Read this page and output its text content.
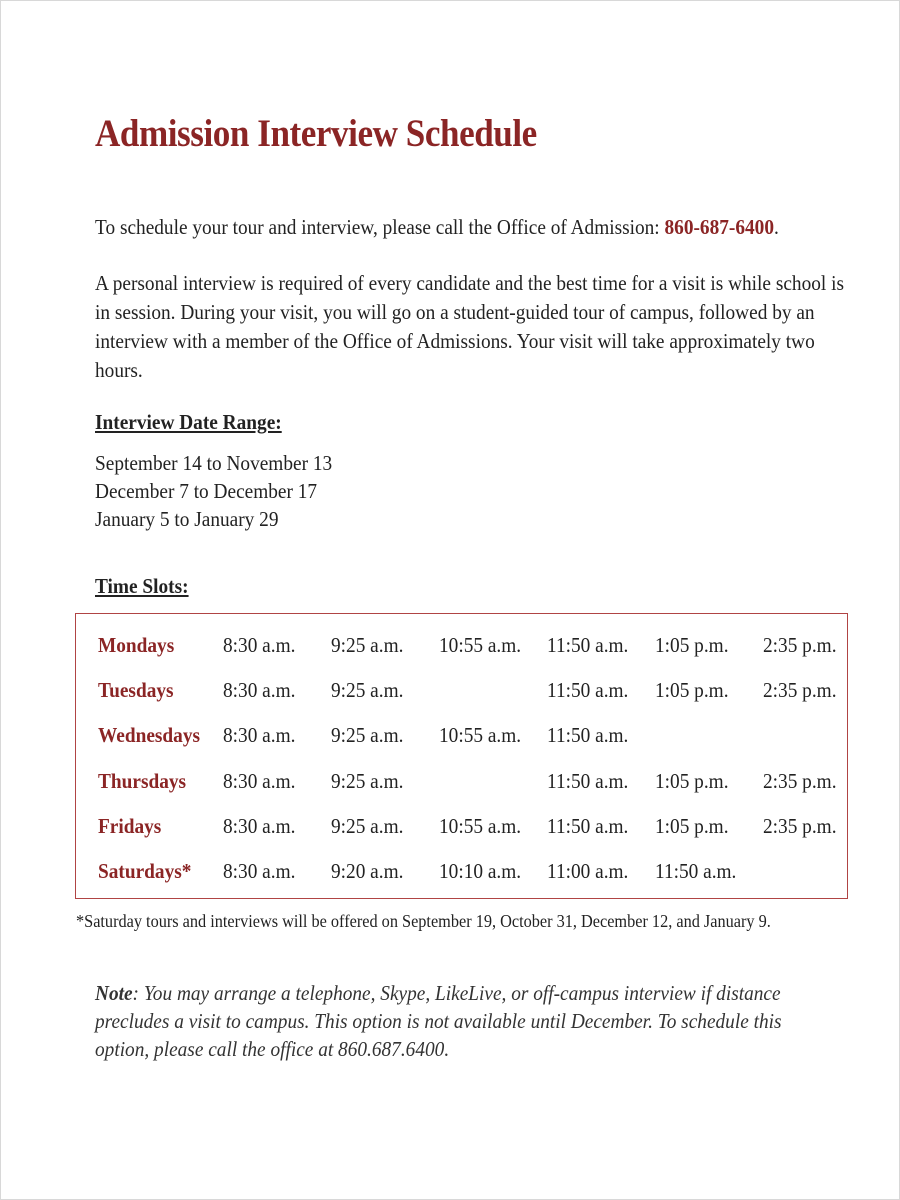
Admission Interview Schedule

To schedule your tour and interview, please call the Office of Admission: 860-687-6400.

A personal interview is required of every candidate and the best time for a visit is while school is in session. During your visit, you will go on a student-guided tour of campus, followed by an interview with a member of the Office of Admissions. Your visit will take approximately two hours.

Interview Date Range:
September 14 to November 13
December 7 to December 17
January 5 to January 29
Time Slots:
Mondays 8:30 a.m. 9:25 a.m. 10:55 a.m. 11:50 a.m. 1:05 p.m. 2:35 p.m.
Tuesdays 8:30 a.m. 9:25 a.m.	11:50 a.m. 1:05 p.m. 2:35 p.m.
Wednesdays 8:30 a.m. 9:25 a.m. 10:55 a.m. 11:50 a.m.
Thursdays 8:30 a.m. 9:25 a.m.	11:50 a.m. 1:05 p.m. 2:35 p.m.
Fridays	8:30 a.m. 9:25 a.m. 10:55 a.m. 11:50 a.m. 1:05 p.m. 2:35 p.m.
Saturdays* 8:30 a.m. 9:20 a.m. 10:10 a.m. 11:00 a.m. 11:50 a.m.
*Saturday tours and interviews will be offered on September 19, October 31, December 12, and January 9.

Note: You may arrange a telephone, Skype, LikeLive, or off-campus interview if distance precludes a visit to campus. This option is not available until December. To schedule this option, please call the office at 860.687.6400.
